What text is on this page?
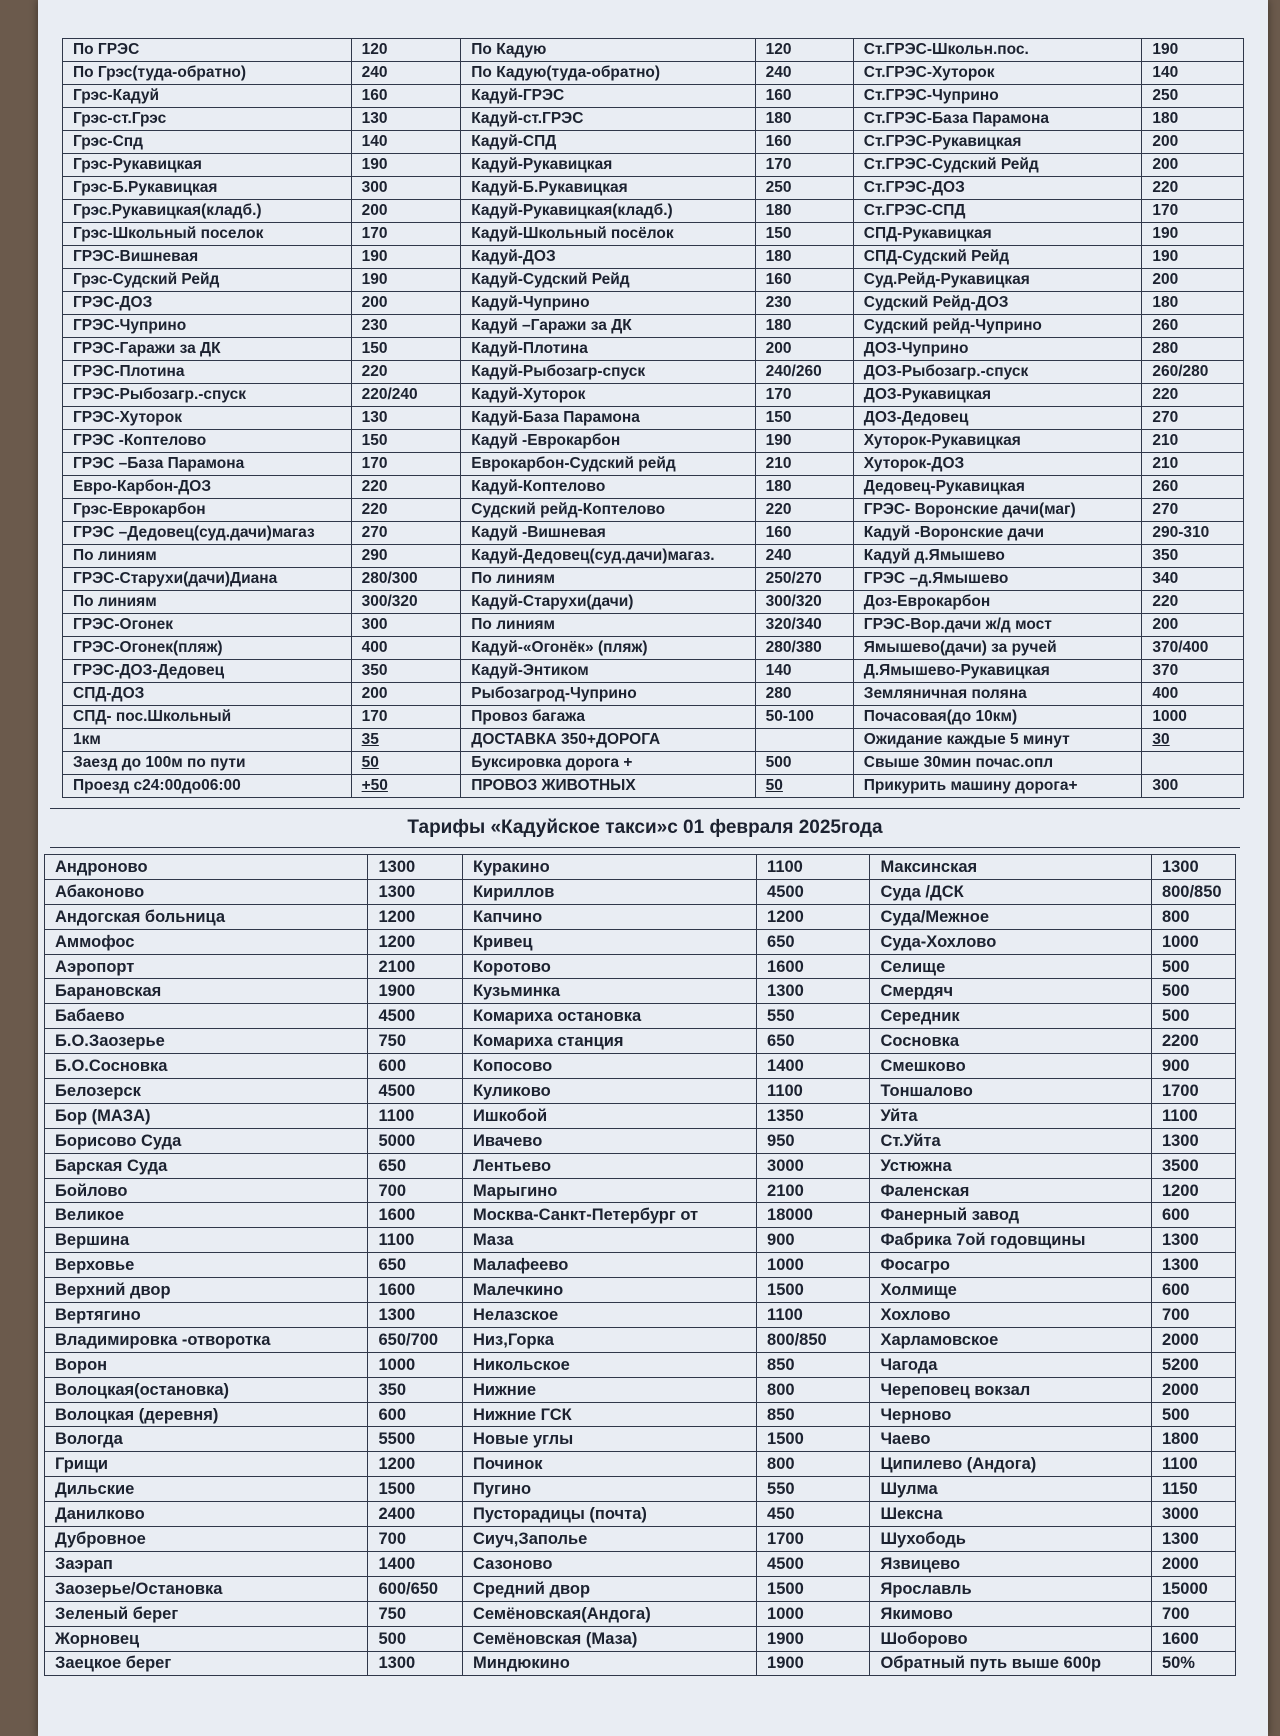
По ГРЭС	120	По Кадую	120	Ст.ГРЭС-Школьн.пос.	190
По Грэс(туда-обратно)	240	По Кадую(туда-обратно)	240	Ст.ГРЭС-Хуторок	140
Грэс-Кадуй	160	Кадуй-ГРЭС	160	Ст.ГРЭС-Чуприно	250
Грэс-ст.Грэс	130	Кадуй-ст.ГРЭС	180	Ст.ГРЭС-База Парамона	180
Грэс-Спд	140	Кадуй-СПД	160	Ст.ГРЭС-Рукавицкая	200
Грэс-Рукавицкая	190	Кадуй-Рукавицкая	170	Ст.ГРЭС-Судский Рейд	200
Грэс-Б.Рукавицкая	300	Кадуй-Б.Рукавицкая	250	Ст.ГРЭС-ДОЗ	220
Грэс.Рукавицкая(кладб.)	200	Кадуй-Рукавицкая(кладб.)	180	Ст.ГРЭС-СПД	170
Грэс-Школьный поселок	170	Кадуй-Школьный посёлок	150	СПД-Рукавицкая	190
ГРЭС-Вишневая	190	Кадуй-ДОЗ	180	СПД-Судский Рейд	190
Грэс-Судский Рейд	190	Кадуй-Судский Рейд	160	Суд.Рейд-Рукавицкая	200
ГРЭС-ДОЗ	200	Кадуй-Чуприно	230	Судский Рейд-ДОЗ	180
ГРЭС-Чуприно	230	Кадуй –Гаражи за ДК	180	Судский рейд-Чуприно	260
ГРЭС-Гаражи за ДК	150	Кадуй-Плотина	200	ДОЗ-Чуприно	280
ГРЭС-Плотина	220	Кадуй-Рыбозагр-спуск	240/260	ДОЗ-Рыбозагр.-спуск	260/280
ГРЭС-Рыбозагр.-спуск	220/240	Кадуй-Хуторок	170	ДОЗ-Рукавицкая	220
ГРЭС-Хуторок	130	Кадуй-База Парамона	150	ДОЗ-Дедовец	270
ГРЭС -Коптелово	150	Кадуй -Еврокарбон	190	Хуторок-Рукавицкая	210
ГРЭС –База Парамона	170	Еврокарбон-Судский рейд	210	Хуторок-ДОЗ	210
Евро-Карбон-ДОЗ	220	Кадуй-Коптелово	180	Дедовец-Рукавицкая	260
Грэс-Еврокарбон	220	Судский рейд-Коптелово	220	ГРЭС- Воронские дачи(маг)	270
ГРЭС –Дедовец(суд.дачи)магаз	270	Кадуй -Вишневая	160	Кадуй -Воронские дачи	290-310
По линиям	290	Кадуй-Дедовец(суд.дачи)магаз.	240	Кадуй д.Ямышево	350
ГРЭС-Старухи(дачи)Диана	280/300	По линиям	250/270	ГРЭС –д.Ямышево	340
По линиям	300/320	Кадуй-Старухи(дачи)	300/320	Доз-Еврокарбон	220
ГРЭС-Огонек	300	По линиям	320/340	ГРЭС-Вор.дачи ж/д мост	200
ГРЭС-Огонек(пляж)	400	Кадуй-«Огонёк» (пляж)	280/380	Ямышево(дачи) за ручей	370/400
ГРЭС-ДОЗ-Дедовец	350	Кадуй-Энтиком	140	Д.Ямышево-Рукавицкая	370
СПД-ДОЗ	200	Рыбозагрод-Чуприно	280	Земляничная поляна	400
СПД- пос.Школьный	170	Провоз багажа	50-100	Почасовая(до 10км)	1000
1км	35	ДОСТАВКА 350+ДОРОГА		Ожидание каждые 5 минут	30
Заезд до 100м по пути	50	Буксировка дорога +	500	Свыше 30мин почас.опл	
Проезд с24:00до06:00	+50	ПРОВОЗ ЖИВОТНЫХ	50	Прикурить машину дорога+	300
Тарифы «Кадуйское такси»с 01 февраля 2025года
Андроново	1300	Куракино	1100	Максинская	1300
Абаконово	1300	Кириллов	4500	Суда /ДСК	800/850
Андогская больница	1200	Капчино	1200	Суда/Межное	800
Аммофос	1200	Кривец	650	Суда-Хохлово	1000
Аэропорт	2100	Коротово	1600	Селище	500
Барановская	1900	Кузьминка	1300	Смердяч	500
Бабаево	4500	Комариха остановка	550	Середник	500
Б.О.Заозерье	750	Комариха станция	650	Сосновка	2200
Б.О.Сосновка	600	Копосово	1400	Смешково	900
Белозерск	4500	Куликово	1100	Тоншалово	1700
Бор (МАЗА)	1100	Ишкобой	1350	Уйта	1100
Борисово Суда	5000	Ивачево	950	Ст.Уйта	1300
Барская Суда	650	Лентьево	3000	Устюжна	3500
Бойлово	700	Марыгино	2100	Фаленская	1200
Великое	1600	Москва-Санкт-Петербург от	18000	Фанерный завод	600
Вершина	1100	Маза	900	Фабрика 7ой годовщины	1300
Верховье	650	Малафеево	1000	Фосагро	1300
Верхний двор	1600	Малечкино	1500	Холмище	600
Вертягино	1300	Нелазское	1100	Хохлово	700
Владимировка -отворотка	650/700	Низ,Горка	800/850	Харламовское	2000
Ворон	1000	Никольское	850	Чагода	5200
Волоцкая(остановка)	350	Нижние	800	Череповец вокзал	2000
Волоцкая (деревня)	600	Нижние ГСК	850	Черново	500
Вологда	5500	Новые углы	1500	Чаево	1800
Грищи	1200	Починок	800	Ципилево (Андога)	1100
Дильские	1500	Пугино	550	Шулма	1150
Данилково	2400	Пусторадицы (почта)	450	Шексна	3000
Дубровное	700	Сиуч,Заполье	1700	Шухободь	1300
Заэрап	1400	Сазоново	4500	Язвицево	2000
Заозерье/Остановка	600/650	Средний двор	1500	Ярославль	15000
Зеленый берег	750	Семёновская(Андога)	1000	Якимово	700
Жорновец	500	Семёновская (Маза)	1900	Шоборово	1600
Заецкое берег	1300	Миндюкино	1900	Обратный путь выше 600р	50%
